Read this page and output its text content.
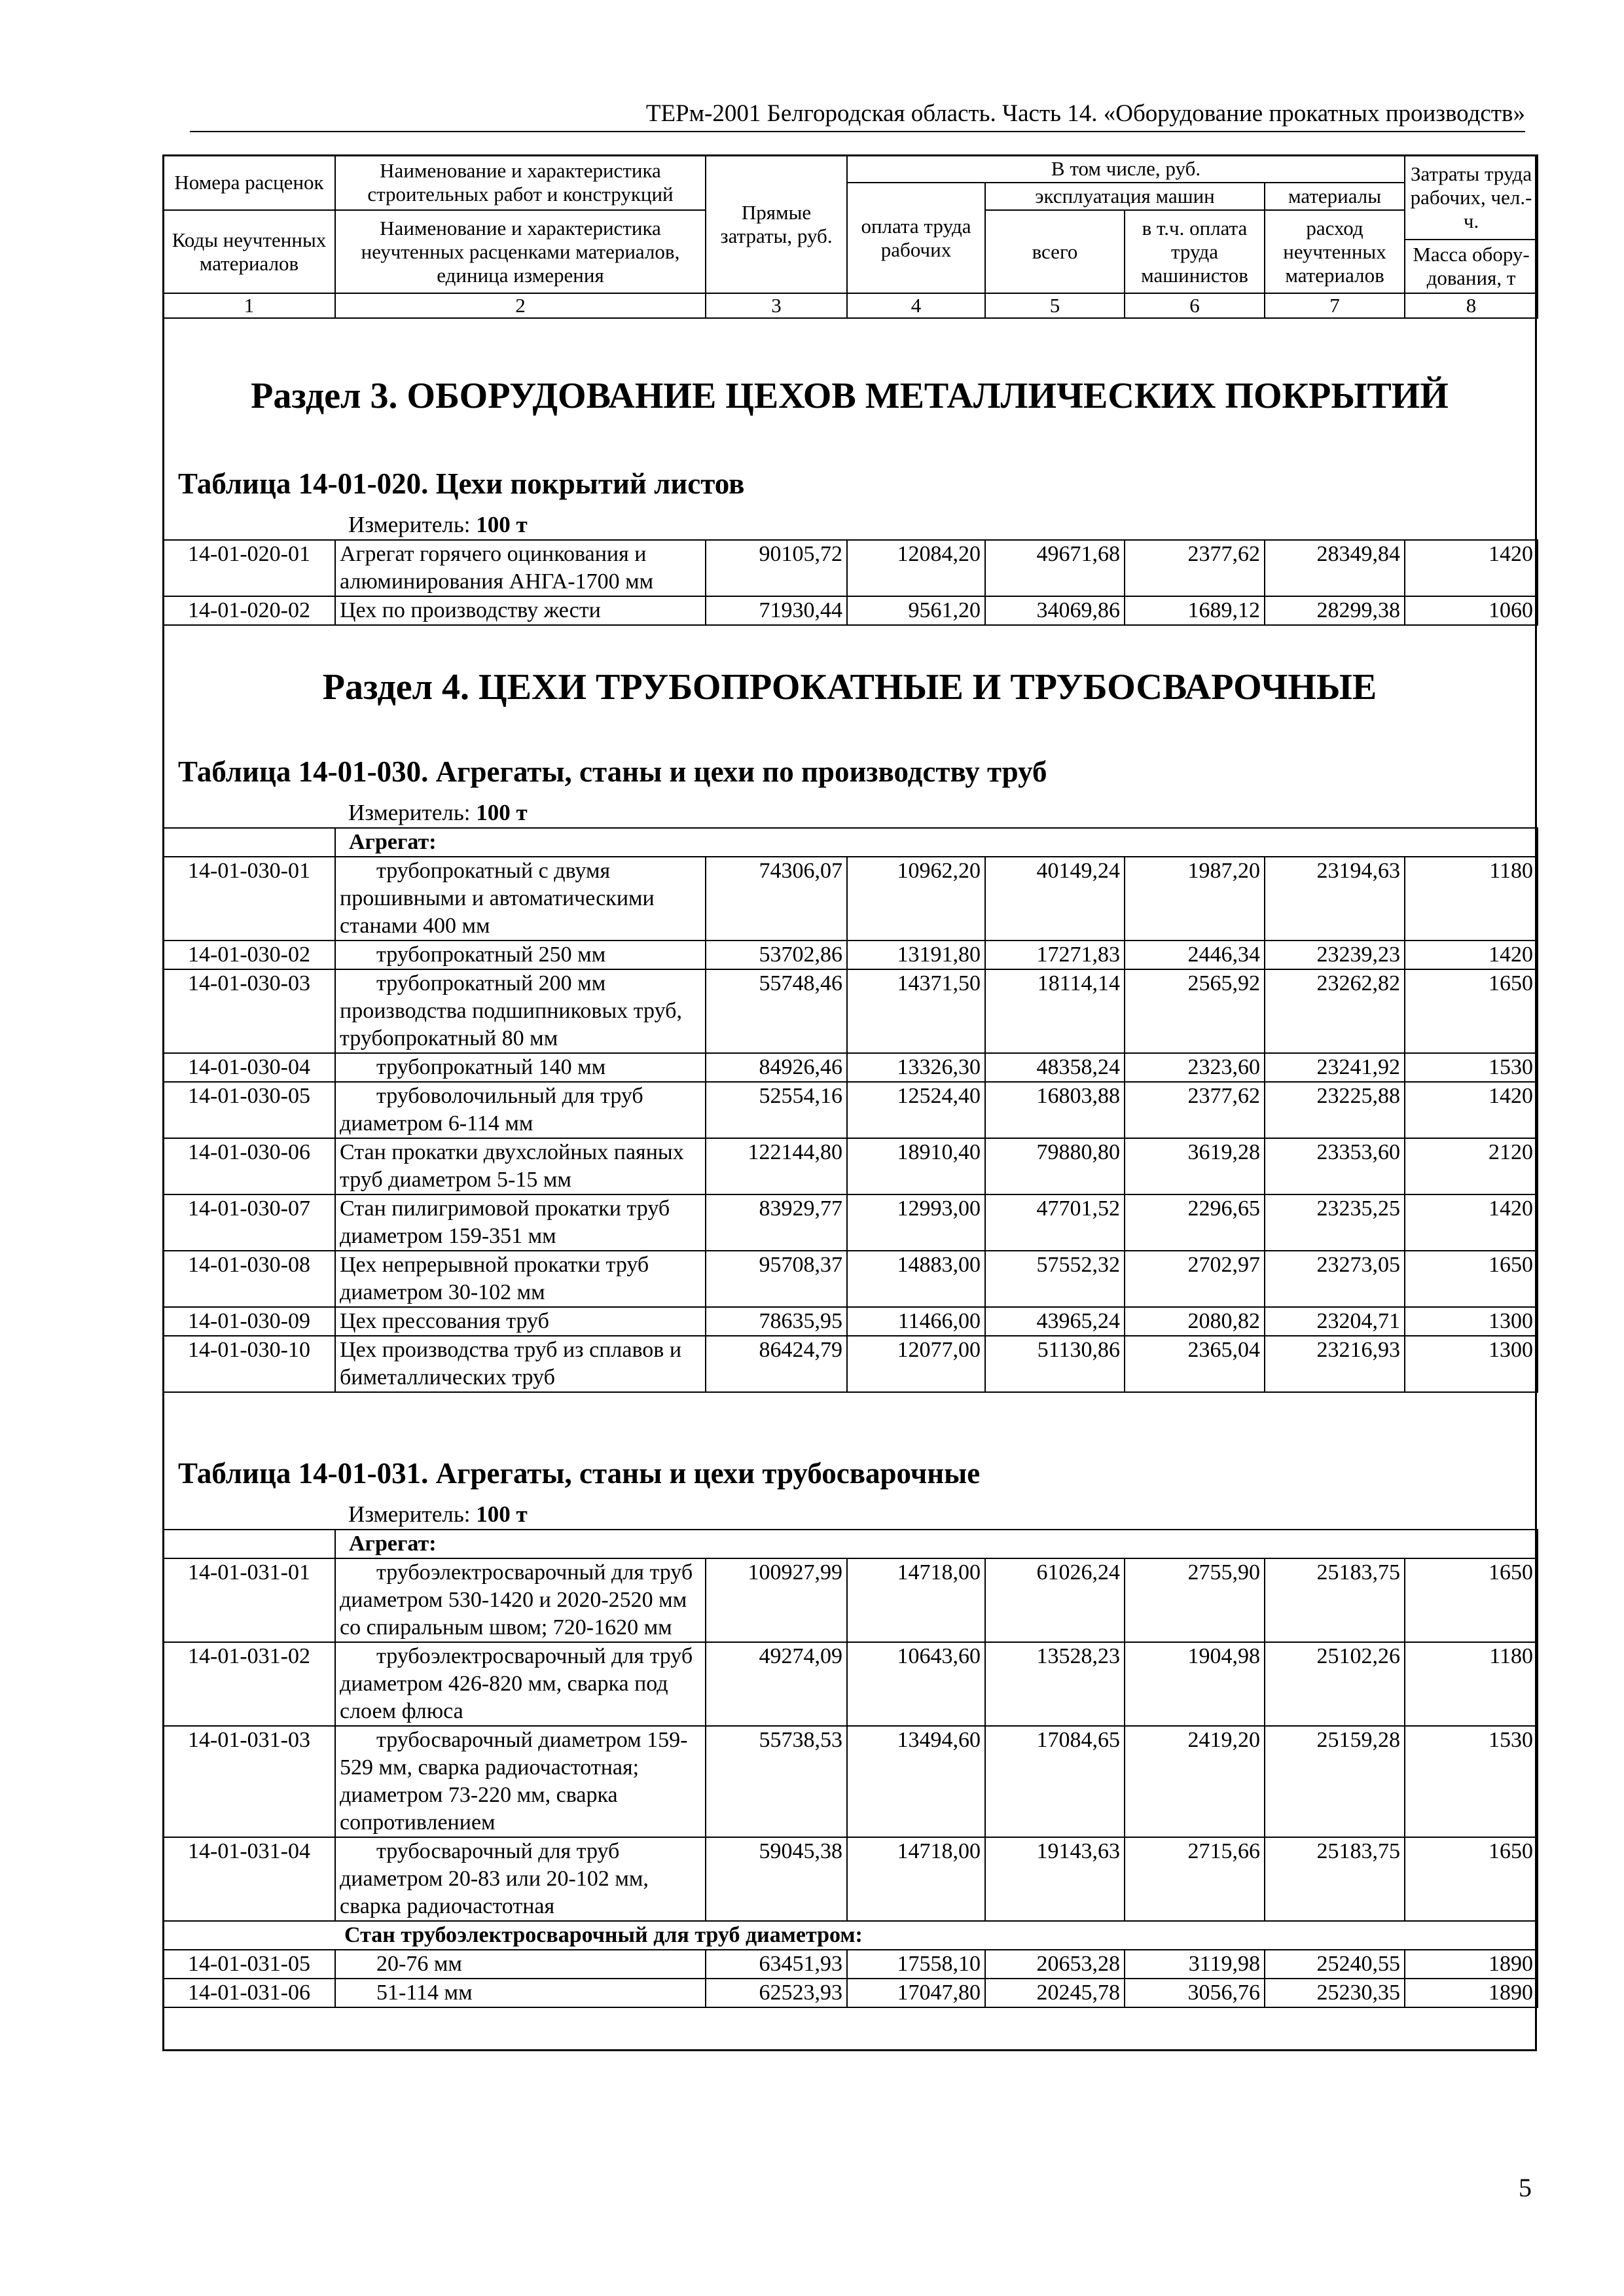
ТЕРм-2001 Белгородская область. Часть 14. «Оборудование прокатных производств»
Номера расценок	Наименование и характеристика строительных работ и конструкций	Прямые затраты, руб.	В том числе, руб.				Затраты труда рабочих, чел.-ч.
			оплата труда рабочих	эксплуатация машин		материалы	
Коды неучтенных материалов	Наименование и характеристика неучтенных расценками материалов, единица измерения			всего	в т.ч. оплата труда машинистов	расход неучтенных материалов	
							Масса обору-дования, т

1	2	3	4	5	6	7	8
Раздел 3. ОБОРУДОВАНИЕ ЦЕХОВ МЕТАЛЛИЧЕСКИХ ПОКРЫТИЙ
Таблица 14-01-020. Цехи покрытий листов
Измеритель: 100 т
14-01-020-01	Агрегат горячего оцинкования и алюминирования АНГА-1700 мм	90105,72	12084,20	49671,68	2377,62	28349,84	1420
14-01-020-02	Цех по производству жести	71930,44	9561,20	34069,86	1689,12	28299,38	1060
Раздел 4. ЦЕХИ ТРУБОПРОКАТНЫЕ И ТРУБОСВАРОЧНЫЕ
Таблица 14-01-030. Агрегаты, станы и цехи по производству труб
Измеритель: 100 т
	Агрегат:						
14-01-030-01	трубопрокатный с двумя прошивными и автоматическими станами 400 мм	74306,07	10962,20	40149,24	1987,20	23194,63	1180
14-01-030-02	трубопрокатный 250 мм	53702,86	13191,80	17271,83	2446,34	23239,23	1420
14-01-030-03	трубопрокатный 200 мм производства подшипниковых труб, трубопрокатный 80 мм	55748,46	14371,50	18114,14	2565,92	23262,82	1650
14-01-030-04	трубопрокатный 140 мм	84926,46	13326,30	48358,24	2323,60	23241,92	1530
14-01-030-05	трубоволочильный для труб диаметром 6-114 мм	52554,16	12524,40	16803,88	2377,62	23225,88	1420
14-01-030-06	Стан прокатки двухслойных паяных труб диаметром 5-15 мм	122144,80	18910,40	79880,80	3619,28	23353,60	2120
14-01-030-07	Стан пилигримовой прокатки труб диаметром 159-351 мм	83929,77	12993,00	47701,52	2296,65	23235,25	1420
14-01-030-08	Цех непрерывной прокатки труб диаметром 30-102 мм	95708,37	14883,00	57552,32	2702,97	23273,05	1650
14-01-030-09	Цех прессования труб	78635,95	11466,00	43965,24	2080,82	23204,71	1300
14-01-030-10	Цех производства труб из сплавов и биметаллических труб	86424,79	12077,00	51130,86	2365,04	23216,93	1300
Таблица 14-01-031. Агрегаты, станы и цехи трубосварочные
Измеритель: 100 т
	Агрегат:						
14-01-031-01	трубоэлектросварочный для труб диаметром 530-1420 и 2020-2520 мм со спиральным швом; 720-1620 мм	100927,99	14718,00	61026,24	2755,90	25183,75	1650
14-01-031-02	трубоэлектросварочный для труб диаметром 426-820 мм, сварка под слоем флюса	49274,09	10643,60	13528,23	1904,98	25102,26	1180
14-01-031-03	трубосварочный диаметром 159-529 мм, сварка радиочастотная; диаметром 73-220 мм, сварка сопротивлением	55738,53	13494,60	17084,65	2419,20	25159,28	1530
14-01-031-04	трубосварочный для труб диаметром 20-83 или 20-102 мм, сварка радиочастотная	59045,38	14718,00	19143,63	2715,66	25183,75	1650
Стан трубоэлектросварочный для труб диаметром:							
14-01-031-05	20-76 мм	63451,93	17558,10	20653,28	3119,98	25240,55	1890
14-01-031-06	51-114 мм	62523,93	17047,80	20245,78	3056,76	25230,35	1890
5
